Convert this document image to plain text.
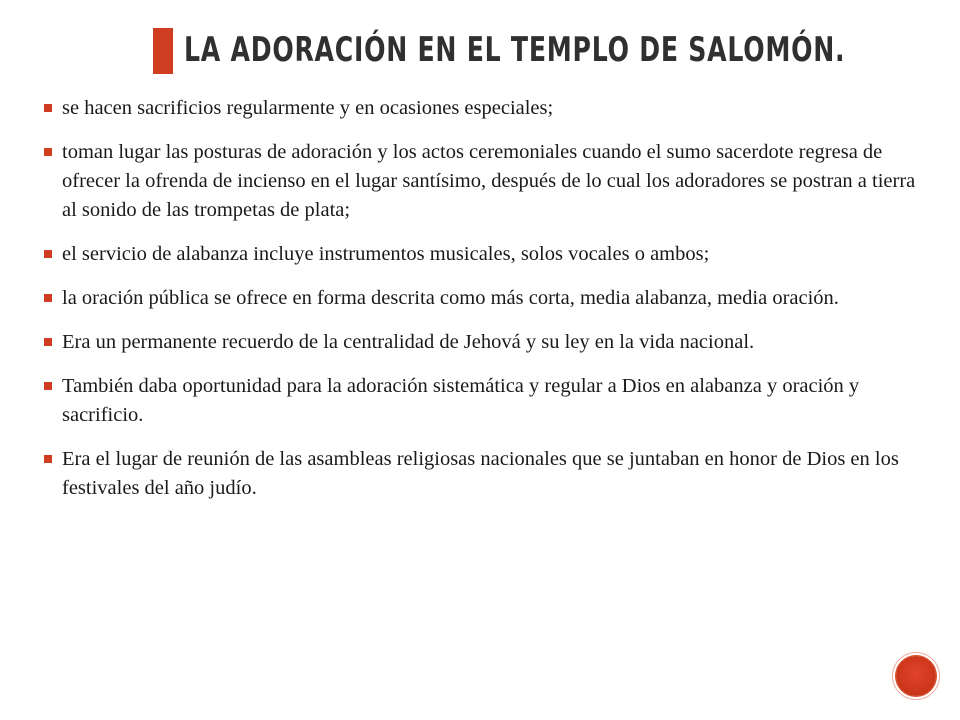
LA ADORACIÓN EN EL TEMPLO DE SALOMÓN.
se hacen sacrificios regularmente y en ocasiones especiales;
toman lugar las posturas de adoración y los actos ceremoniales cuando el sumo sacerdote regresa de ofrecer la ofrenda de incienso en el lugar santísimo, después de lo cual los adoradores se postran a tierra al sonido de las trompetas de plata;
el servicio de alabanza incluye instrumentos musicales, solos vocales o ambos;
la oración pública se ofrece en forma descrita como más corta, media alabanza, media oración.
Era un permanente recuerdo de la centralidad de Jehová y su ley en la vida nacional.
También daba oportunidad para la adoración sistemática y regular a Dios en alabanza y oración y sacrificio.
Era el lugar de reunión de las asambleas religiosas nacionales que se juntaban en honor de Dios en los festivales del año judío.
